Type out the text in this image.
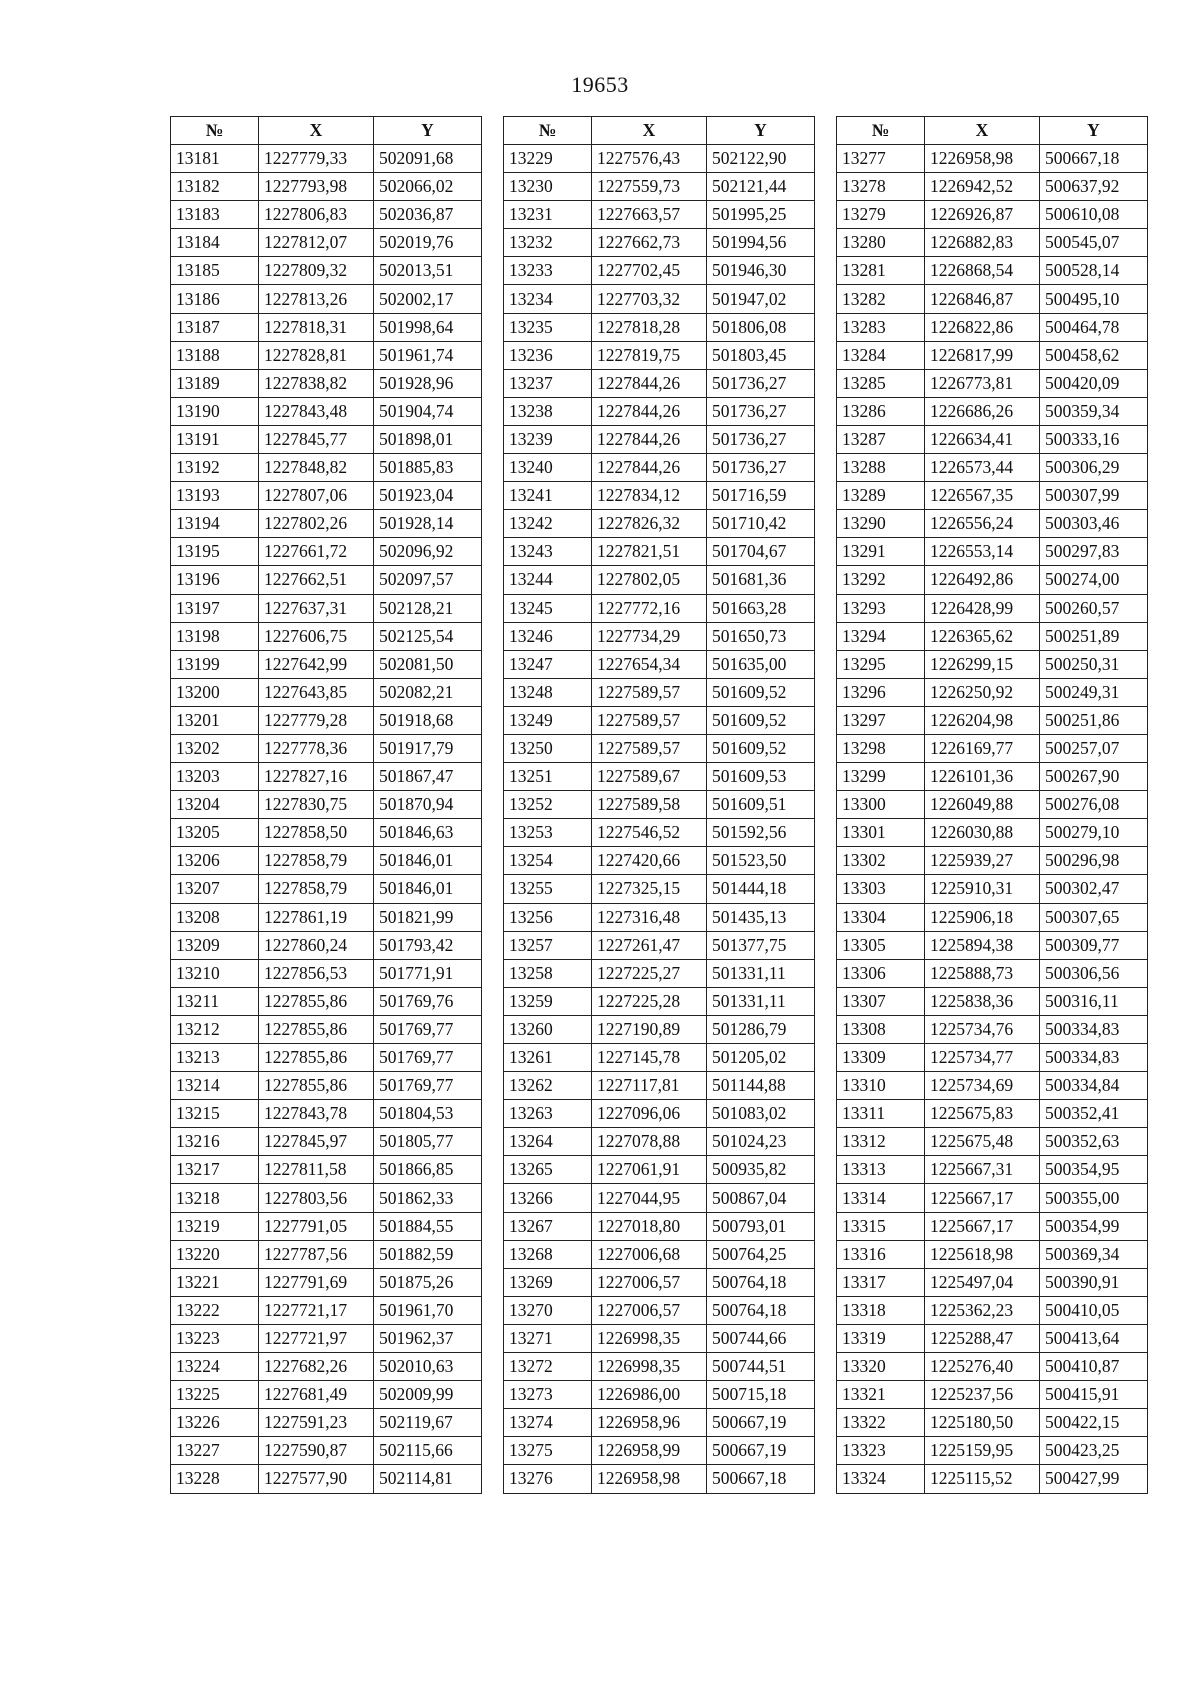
19653
№	X	Y
13181	1227779,33	502091,68
13182	1227793,98	502066,02
13183	1227806,83	502036,87
13184	1227812,07	502019,76
13185	1227809,32	502013,51
13186	1227813,26	502002,17
13187	1227818,31	501998,64
13188	1227828,81	501961,74
13189	1227838,82	501928,96
13190	1227843,48	501904,74
13191	1227845,77	501898,01
13192	1227848,82	501885,83
13193	1227807,06	501923,04
13194	1227802,26	501928,14
13195	1227661,72	502096,92
13196	1227662,51	502097,57
13197	1227637,31	502128,21
13198	1227606,75	502125,54
13199	1227642,99	502081,50
13200	1227643,85	502082,21
13201	1227779,28	501918,68
13202	1227778,36	501917,79
13203	1227827,16	501867,47
13204	1227830,75	501870,94
13205	1227858,50	501846,63
13206	1227858,79	501846,01
13207	1227858,79	501846,01
13208	1227861,19	501821,99
13209	1227860,24	501793,42
13210	1227856,53	501771,91
13211	1227855,86	501769,76
13212	1227855,86	501769,77
13213	1227855,86	501769,77
13214	1227855,86	501769,77
13215	1227843,78	501804,53
13216	1227845,97	501805,77
13217	1227811,58	501866,85
13218	1227803,56	501862,33
13219	1227791,05	501884,55
13220	1227787,56	501882,59
13221	1227791,69	501875,26
13222	1227721,17	501961,70
13223	1227721,97	501962,37
13224	1227682,26	502010,63
13225	1227681,49	502009,99
13226	1227591,23	502119,67
13227	1227590,87	502115,66
13228	1227577,90	502114,81
№	X	Y
13229	1227576,43	502122,90
13230	1227559,73	502121,44
13231	1227663,57	501995,25
13232	1227662,73	501994,56
13233	1227702,45	501946,30
13234	1227703,32	501947,02
13235	1227818,28	501806,08
13236	1227819,75	501803,45
13237	1227844,26	501736,27
13238	1227844,26	501736,27
13239	1227844,26	501736,27
13240	1227844,26	501736,27
13241	1227834,12	501716,59
13242	1227826,32	501710,42
13243	1227821,51	501704,67
13244	1227802,05	501681,36
13245	1227772,16	501663,28
13246	1227734,29	501650,73
13247	1227654,34	501635,00
13248	1227589,57	501609,52
13249	1227589,57	501609,52
13250	1227589,57	501609,52
13251	1227589,67	501609,53
13252	1227589,58	501609,51
13253	1227546,52	501592,56
13254	1227420,66	501523,50
13255	1227325,15	501444,18
13256	1227316,48	501435,13
13257	1227261,47	501377,75
13258	1227225,27	501331,11
13259	1227225,28	501331,11
13260	1227190,89	501286,79
13261	1227145,78	501205,02
13262	1227117,81	501144,88
13263	1227096,06	501083,02
13264	1227078,88	501024,23
13265	1227061,91	500935,82
13266	1227044,95	500867,04
13267	1227018,80	500793,01
13268	1227006,68	500764,25
13269	1227006,57	500764,18
13270	1227006,57	500764,18
13271	1226998,35	500744,66
13272	1226998,35	500744,51
13273	1226986,00	500715,18
13274	1226958,96	500667,19
13275	1226958,99	500667,19
13276	1226958,98	500667,18
№	X	Y
13277	1226958,98	500667,18
13278	1226942,52	500637,92
13279	1226926,87	500610,08
13280	1226882,83	500545,07
13281	1226868,54	500528,14
13282	1226846,87	500495,10
13283	1226822,86	500464,78
13284	1226817,99	500458,62
13285	1226773,81	500420,09
13286	1226686,26	500359,34
13287	1226634,41	500333,16
13288	1226573,44	500306,29
13289	1226567,35	500307,99
13290	1226556,24	500303,46
13291	1226553,14	500297,83
13292	1226492,86	500274,00
13293	1226428,99	500260,57
13294	1226365,62	500251,89
13295	1226299,15	500250,31
13296	1226250,92	500249,31
13297	1226204,98	500251,86
13298	1226169,77	500257,07
13299	1226101,36	500267,90
13300	1226049,88	500276,08
13301	1226030,88	500279,10
13302	1225939,27	500296,98
13303	1225910,31	500302,47
13304	1225906,18	500307,65
13305	1225894,38	500309,77
13306	1225888,73	500306,56
13307	1225838,36	500316,11
13308	1225734,76	500334,83
13309	1225734,77	500334,83
13310	1225734,69	500334,84
13311	1225675,83	500352,41
13312	1225675,48	500352,63
13313	1225667,31	500354,95
13314	1225667,17	500355,00
13315	1225667,17	500354,99
13316	1225618,98	500369,34
13317	1225497,04	500390,91
13318	1225362,23	500410,05
13319	1225288,47	500413,64
13320	1225276,40	500410,87
13321	1225237,56	500415,91
13322	1225180,50	500422,15
13323	1225159,95	500423,25
13324	1225115,52	500427,99
